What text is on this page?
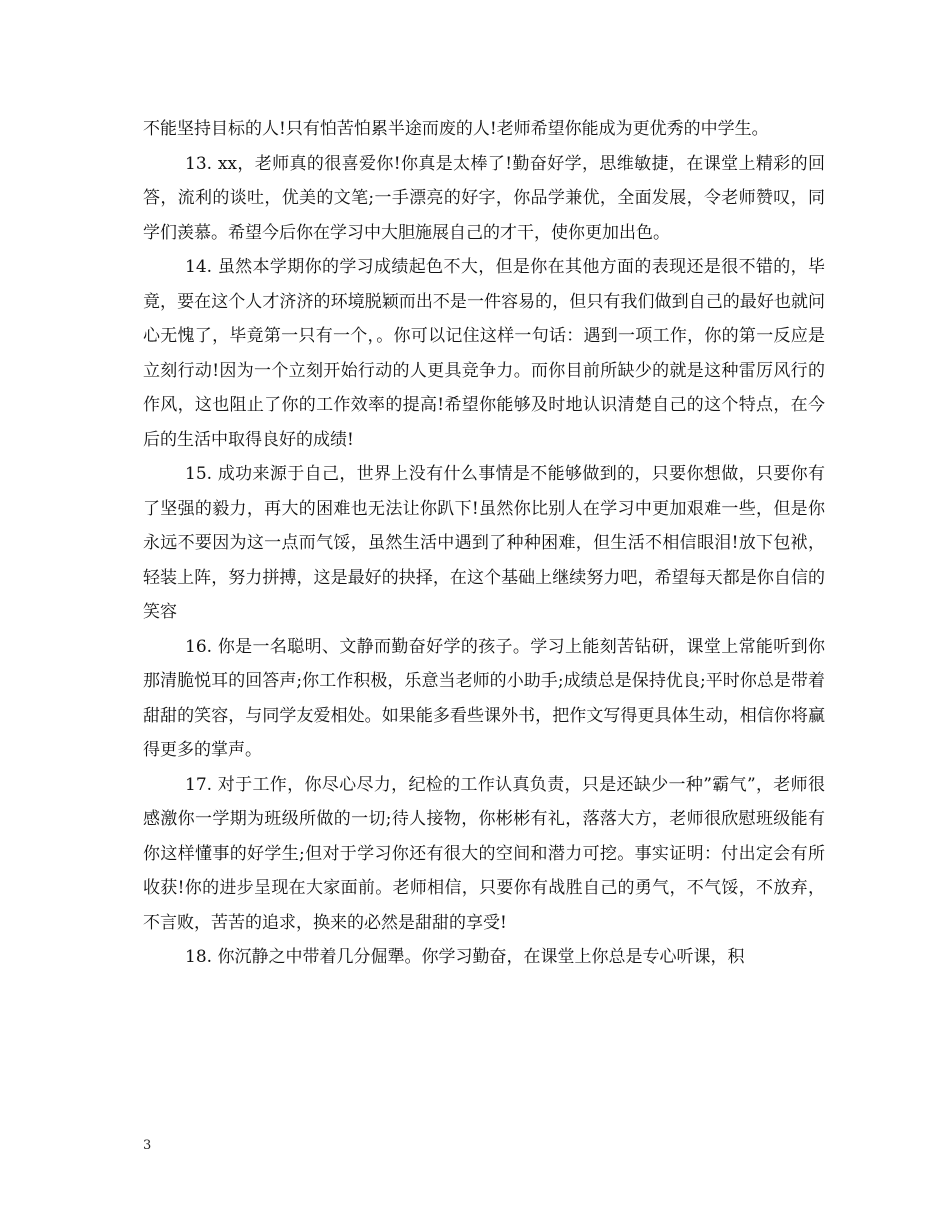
不能坚持目标的人!只有怕苦怕累半途而废的人!老师希望你能成为更优秀的中学生。

13. xx，老师真的很喜爱你!你真是太棒了!勤奋好学，思维敏捷，在课堂上精彩的回答，流利的谈吐，优美的文笔;一手漂亮的好字，你品学兼优，全面发展，令老师赞叹，同学们羡慕。希望今后你在学习中大胆施展自己的才干，使你更加出色。

14. 虽然本学期你的学习成绩起色不大，但是你在其他方面的表现还是很不错的，毕竟，要在这个人才济济的环境脱颖而出不是一件容易的，但只有我们做到自己的最好也就问心无愧了，毕竟第一只有一个，。你可以记住这样一句话：遇到一项工作，你的第一反应是立刻行动!因为一个立刻开始行动的人更具竞争力。而你目前所缺少的就是这种雷厉风行的作风，这也阻止了你的工作效率的提高!希望你能够及时地认识清楚自己的这个特点，在今后的生活中取得良好的成绩!

15. 成功来源于自己，世界上没有什么事情是不能够做到的，只要你想做，只要你有了坚强的毅力，再大的困难也无法让你趴下!虽然你比别人在学习中更加艰难一些，但是你永远不要因为这一点而气馁，虽然生活中遇到了种种困难，但生活不相信眼泪!放下包袱，轻装上阵，努力拼搏，这是最好的抉择，在这个基础上继续努力吧，希望每天都是你自信的笑容

16. 你是一名聪明、文静而勤奋好学的孩子。学习上能刻苦钻研，课堂上常能听到你那清脆悦耳的回答声;你工作积极，乐意当老师的小助手;成绩总是保持优良;平时你总是带着甜甜的笑容，与同学友爱相处。如果能多看些课外书，把作文写得更具体生动，相信你将赢得更多的掌声。

17. 对于工作，你尽心尽力，纪检的工作认真负责，只是还缺少一种”霸气”，老师很感激你一学期为班级所做的一切;待人接物，你彬彬有礼，落落大方，老师很欣慰班级能有你这样懂事的好学生;但对于学习你还有很大的空间和潜力可挖。事实证明：付出定会有所收获!你的进步呈现在大家面前。老师相信，只要你有战胜自己的勇气，不气馁，不放弃，不言败，苦苦的追求，换来的必然是甜甜的享受!

18. 你沉静之中带着几分倔犟。你学习勤奋，在课堂上你总是专心听课，积

3
